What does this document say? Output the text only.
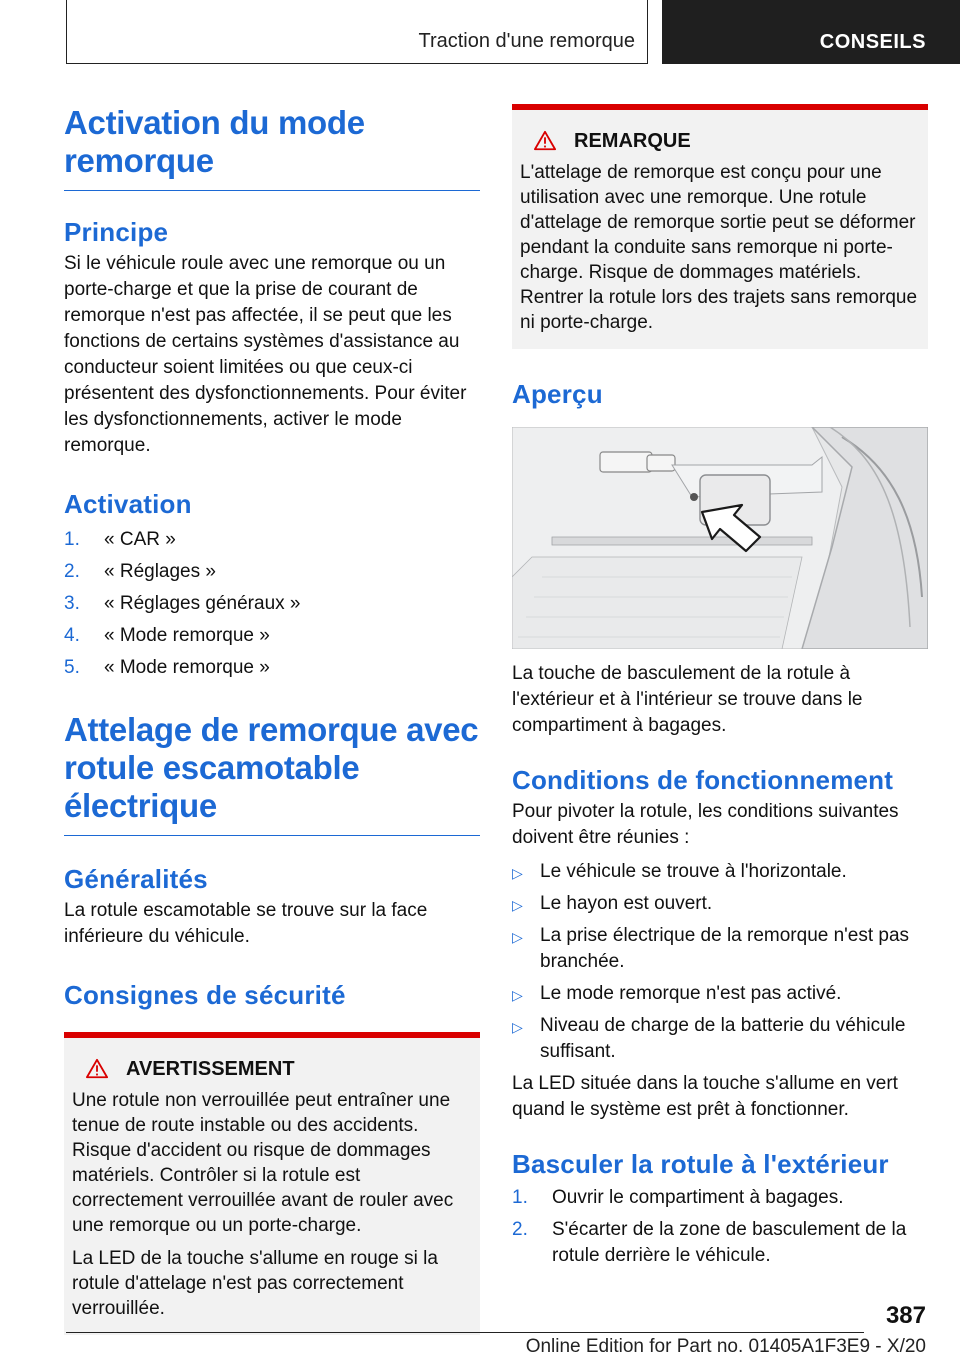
Traction d'une remorque	CONSEILS
Activation du mode remorque
Principe

Si le véhicule roule avec une remorque ou un porte-charge et que la prise de courant de remorque n'est pas affectée, il se peut que les fonctions de certains systèmes d'assistance au conducteur soient limitées ou que ceux-ci présentent des dysfonctionnements. Pour éviter les dysfonctionnements, activer le mode remorque.

Activation
1. « CAR »
2. « Réglages »
3. « Réglages généraux »
4. « Mode remorque »
5. « Mode remorque »
Attelage de remorque avec rotule escamotable électrique
Généralités

La rotule escamotable se trouve sur la face inférieure du véhicule.

Consignes de sécurité
AVERTISSEMENT

Une rotule non verrouillée peut entraîner une tenue de route instable ou des accidents. Risque d'accident ou risque de dommages matériels. Contrôler si la rotule est correctement verrouillée avant de rouler avec une remorque ou un porte-charge.

La LED de la touche s'allume en rouge si la rotule d'attelage n'est pas correctement verrouillée.

REMARQUE

L'attelage de remorque est conçu pour une utilisation avec une remorque. Une rotule d'attelage de remorque sortie peut se déformer pendant la conduite sans remorque ni porte-charge. Risque de dommages matériels. Rentrer la rotule lors des trajets sans remorque ni porte-charge.

Aperçu

La touche de basculement de la rotule à l'extérieur et à l'intérieur se trouve dans le compartiment à bagages.

Conditions de fonctionnement

Pour pivoter la rotule, les conditions suivantes doivent être réunies :

▷ Le véhicule se trouve à l'horizontale.
▷ Le hayon est ouvert.
▷ La prise électrique de la remorque n'est pas branchée.
▷ Le mode remorque n'est pas activé.
▷ Niveau de charge de la batterie du véhicule suffisant.

La LED située dans la touche s'allume en vert quand le système est prêt à fonctionner.

Basculer la rotule à l'extérieur
1. Ouvrir le compartiment à bagages.
2. S'écarter de la zone de basculement de la rotule derrière le véhicule.
387
Online Edition for Part no. 01405A1F3E9 - X/20
